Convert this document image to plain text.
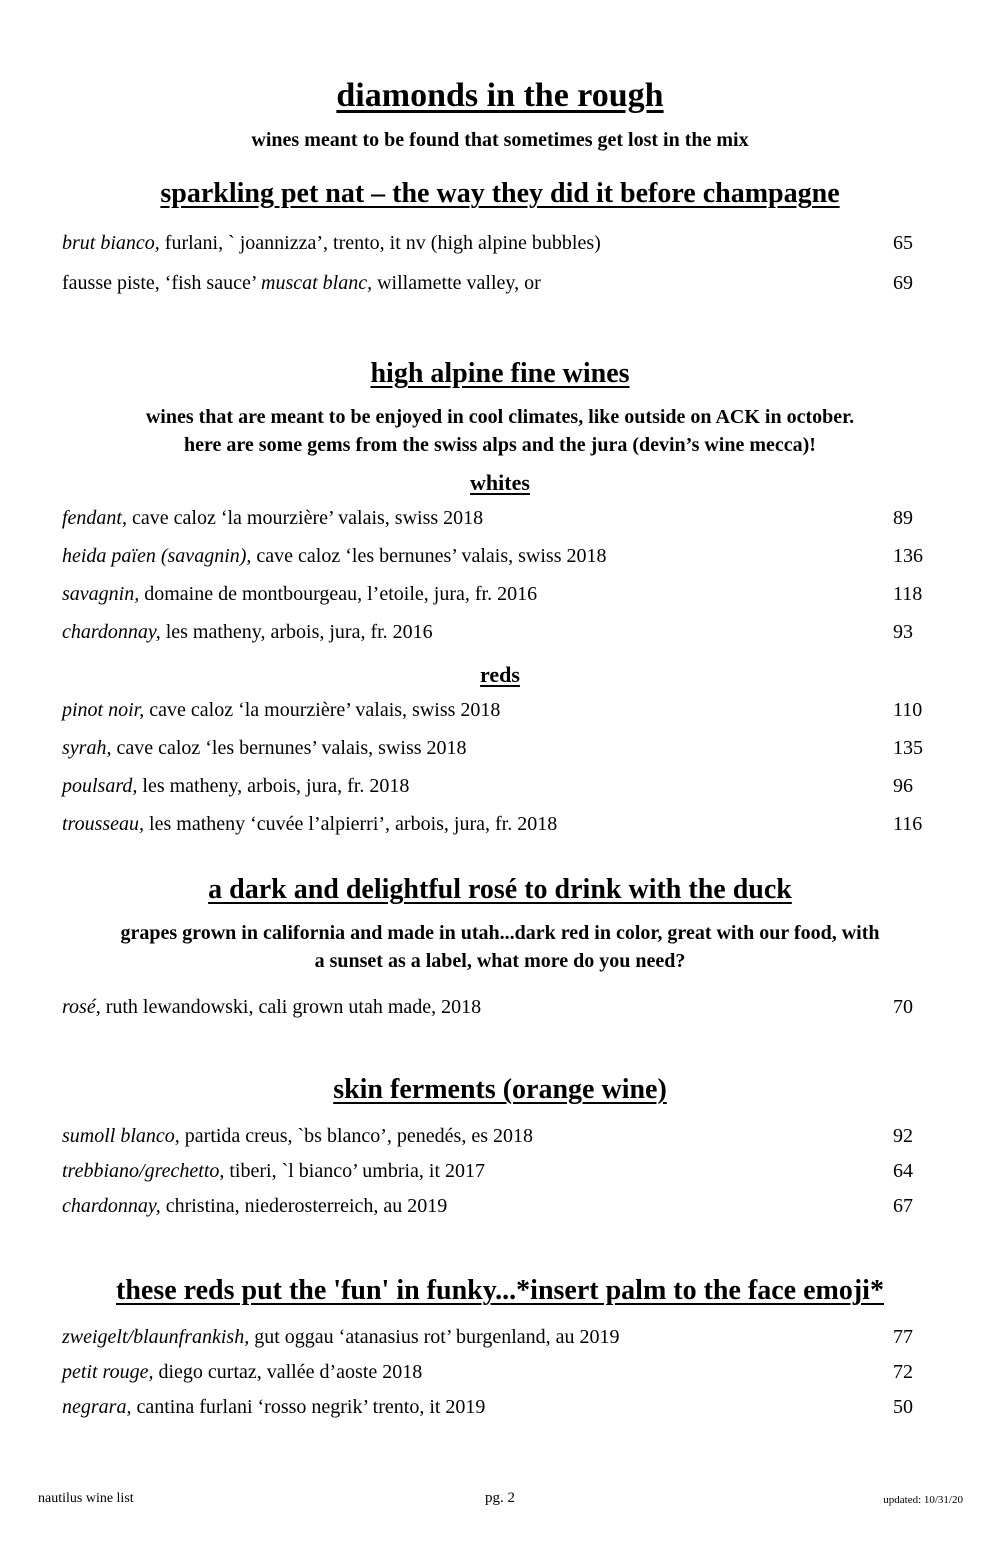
diamonds in the rough

wines meant to be found that sometimes get lost in the mix

sparkling pet nat – the way they did it before champagne
brut bianco, furlani, ` joannizza’, trento, it nv (high alpine bubbles)	65
fausse piste, ‘fish sauce’ muscat blanc, willamette valley, or	69
high alpine fine wines

wines that are meant to be enjoyed in cool climates, like outside on ACK in october.

here are some gems from the swiss alps and the jura (devin’s wine mecca)!

whites
fendant, cave caloz ‘la mourzière’ valais, swiss 2018	89
heida païen (savagnin), cave caloz ‘les bernunes’ valais, swiss 2018	136
savagnin, domaine de montbourgeau, l’etoile, jura, fr. 2016	118
chardonnay, les matheny, arbois, jura, fr. 2016	93
reds
pinot noir, cave caloz ‘la mourzière’ valais, swiss 2018	110
syrah, cave caloz ‘les bernunes’ valais, swiss 2018	135
poulsard, les matheny, arbois, jura, fr. 2018	96
trousseau, les matheny ‘cuvée l’alpierri’, arbois, jura, fr. 2018	116
a dark and delightful rosé to drink with the duck

grapes grown in california and made in utah...dark red in color, great with our food, with

a sunset as a label, what more do you need?

rosé, ruth lewandowski, cali grown utah made, 2018	70
skin ferments (orange wine)
sumoll blanco, partida creus, `bs blanco’, penedés, es 2018	92
trebbiano/grechetto, tiberi, `l bianco’ umbria, it 2017	64
chardonnay, christina, niederosterreich, au 2019	67
these reds put the 'fun' in funky...*insert palm to the face emoji*
zweigelt/blaunfrankish, gut oggau ‘atanasius rot’ burgenland, au 2019	77
petit rouge, diego curtaz, vallée d’aoste 2018	72
negrara, cantina furlani ‘rosso negrik’ trento, it 2019	50
nautilus wine list	pg. 2	updated: 10/31/20
